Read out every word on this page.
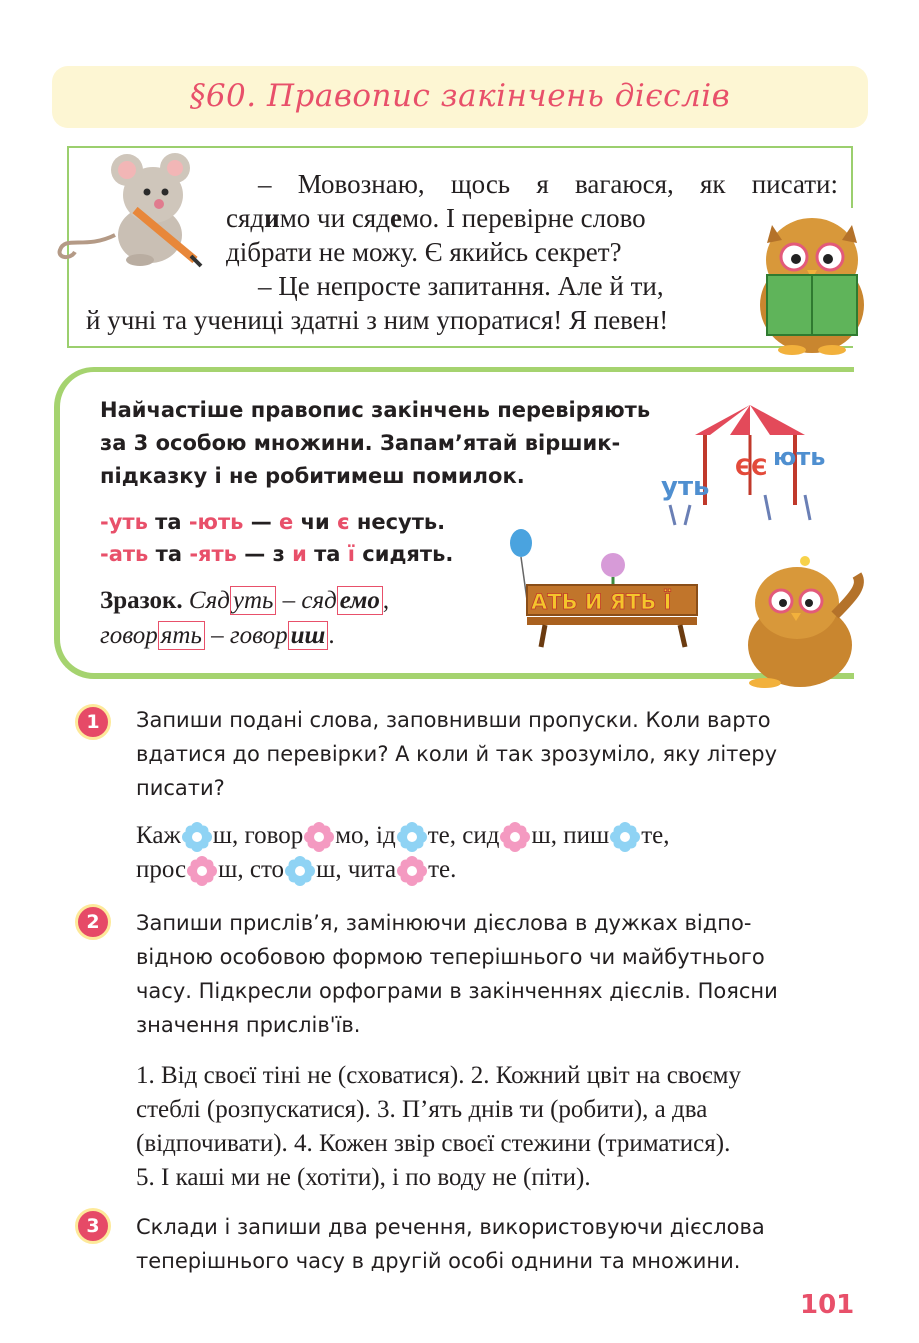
§60. Правопис закінчень дієслів
– Мовознаю, щось я вагаюся, як писати:
сядимо чи сядемо. І перевірне слово
дібрати не можу. Є якийсь секрет?
– Це непросте запитання. Але й ти,
й учні та учениці здатні з ним упоратися! Я певен!
Найчастіше правопис закінчень перевіряють
за 3 особою множини. Запам’ятай віршик-
підказку і не робитимеш помилок.
-уть та -ють — е чи є несуть.
-ать та -ять — з и та ї сидять.
Зразок. Сяд уть – сяд емо ,
говор ять – говор иш .
уть
ЄЄ ють
АТЬ И ЯТЬ Ї
1	Запиши подані слова, заповнивши пропуски. Коли варто
вдатися до перевірки? А коли й так зрозуміло, яку літеру
писати?
Каж ш, говор мо, ід те, сид ш, пиш те,
прос ш, сто ш, чита те.
2	Запиши прислів’я, замінюючи дієслова в дужках відпо-
відною особовою формою теперішнього чи майбутнього
часу. Підкресли орфограми в закінченнях дієслів. Поясни
значення прислів'їв.
1. Від своєї тіні не (сховатися). 2. Кожний цвіт на своєму
стеблі (розпускатися). 3. П’ять днів ти (робити), а два
(відпочивати). 4. Кожен звір своєї стежини (триматися).
5. І каші ми не (хотіти), і по воду не (піти).
3	Склади і запиши два речення, використовуючи дієслова
теперішнього часу в другій особі однини та множини.
101
